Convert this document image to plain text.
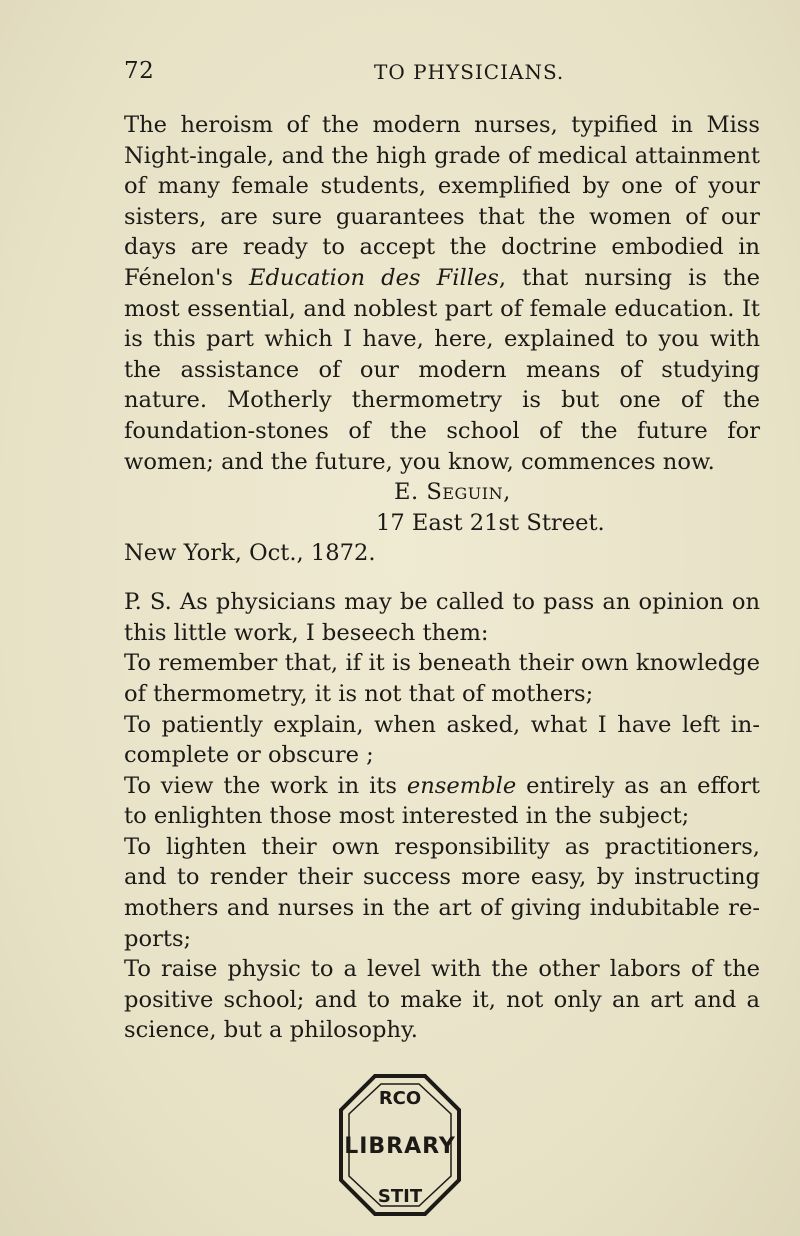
72	TO PHYSICIANS.

The heroism of the modern nurses, typified in Miss Night-ingale, and the high grade of medical attainment of many female students, exemplified by one of your sisters, are sure guarantees that the women of our days are ready to accept the doctrine embodied in Fénelon's Education des Filles, that nursing is the most essential, and noblest part of female education. It is this part which I have, here, explained to you with the assistance of our modern means of studying nature. Motherly thermometry is but one of the foundation-stones of the school of the future for women; and the future, you know, commences now.

E. Seguin,
17 East 21st Street.
New York, Oct., 1872.

P. S. As physicians may be called to pass an opinion on this little work, I beseech them:

To remember that, if it is beneath their own knowledge of thermometry, it is not that of mothers;

To patiently explain, when asked, what I have left in-complete or obscure ;

To view the work in its ensemble entirely as an effort to enlighten those most interested in the subject;

To lighten their own responsibility as practitioners, and to render their success more easy, by instructing mothers and nurses in the art of giving indubitable re-ports;

To raise physic to a level with the other labors of the positive school; and to make it, not only an art and a science, but a philosophy.

RCO
LIBRARY
STIT
